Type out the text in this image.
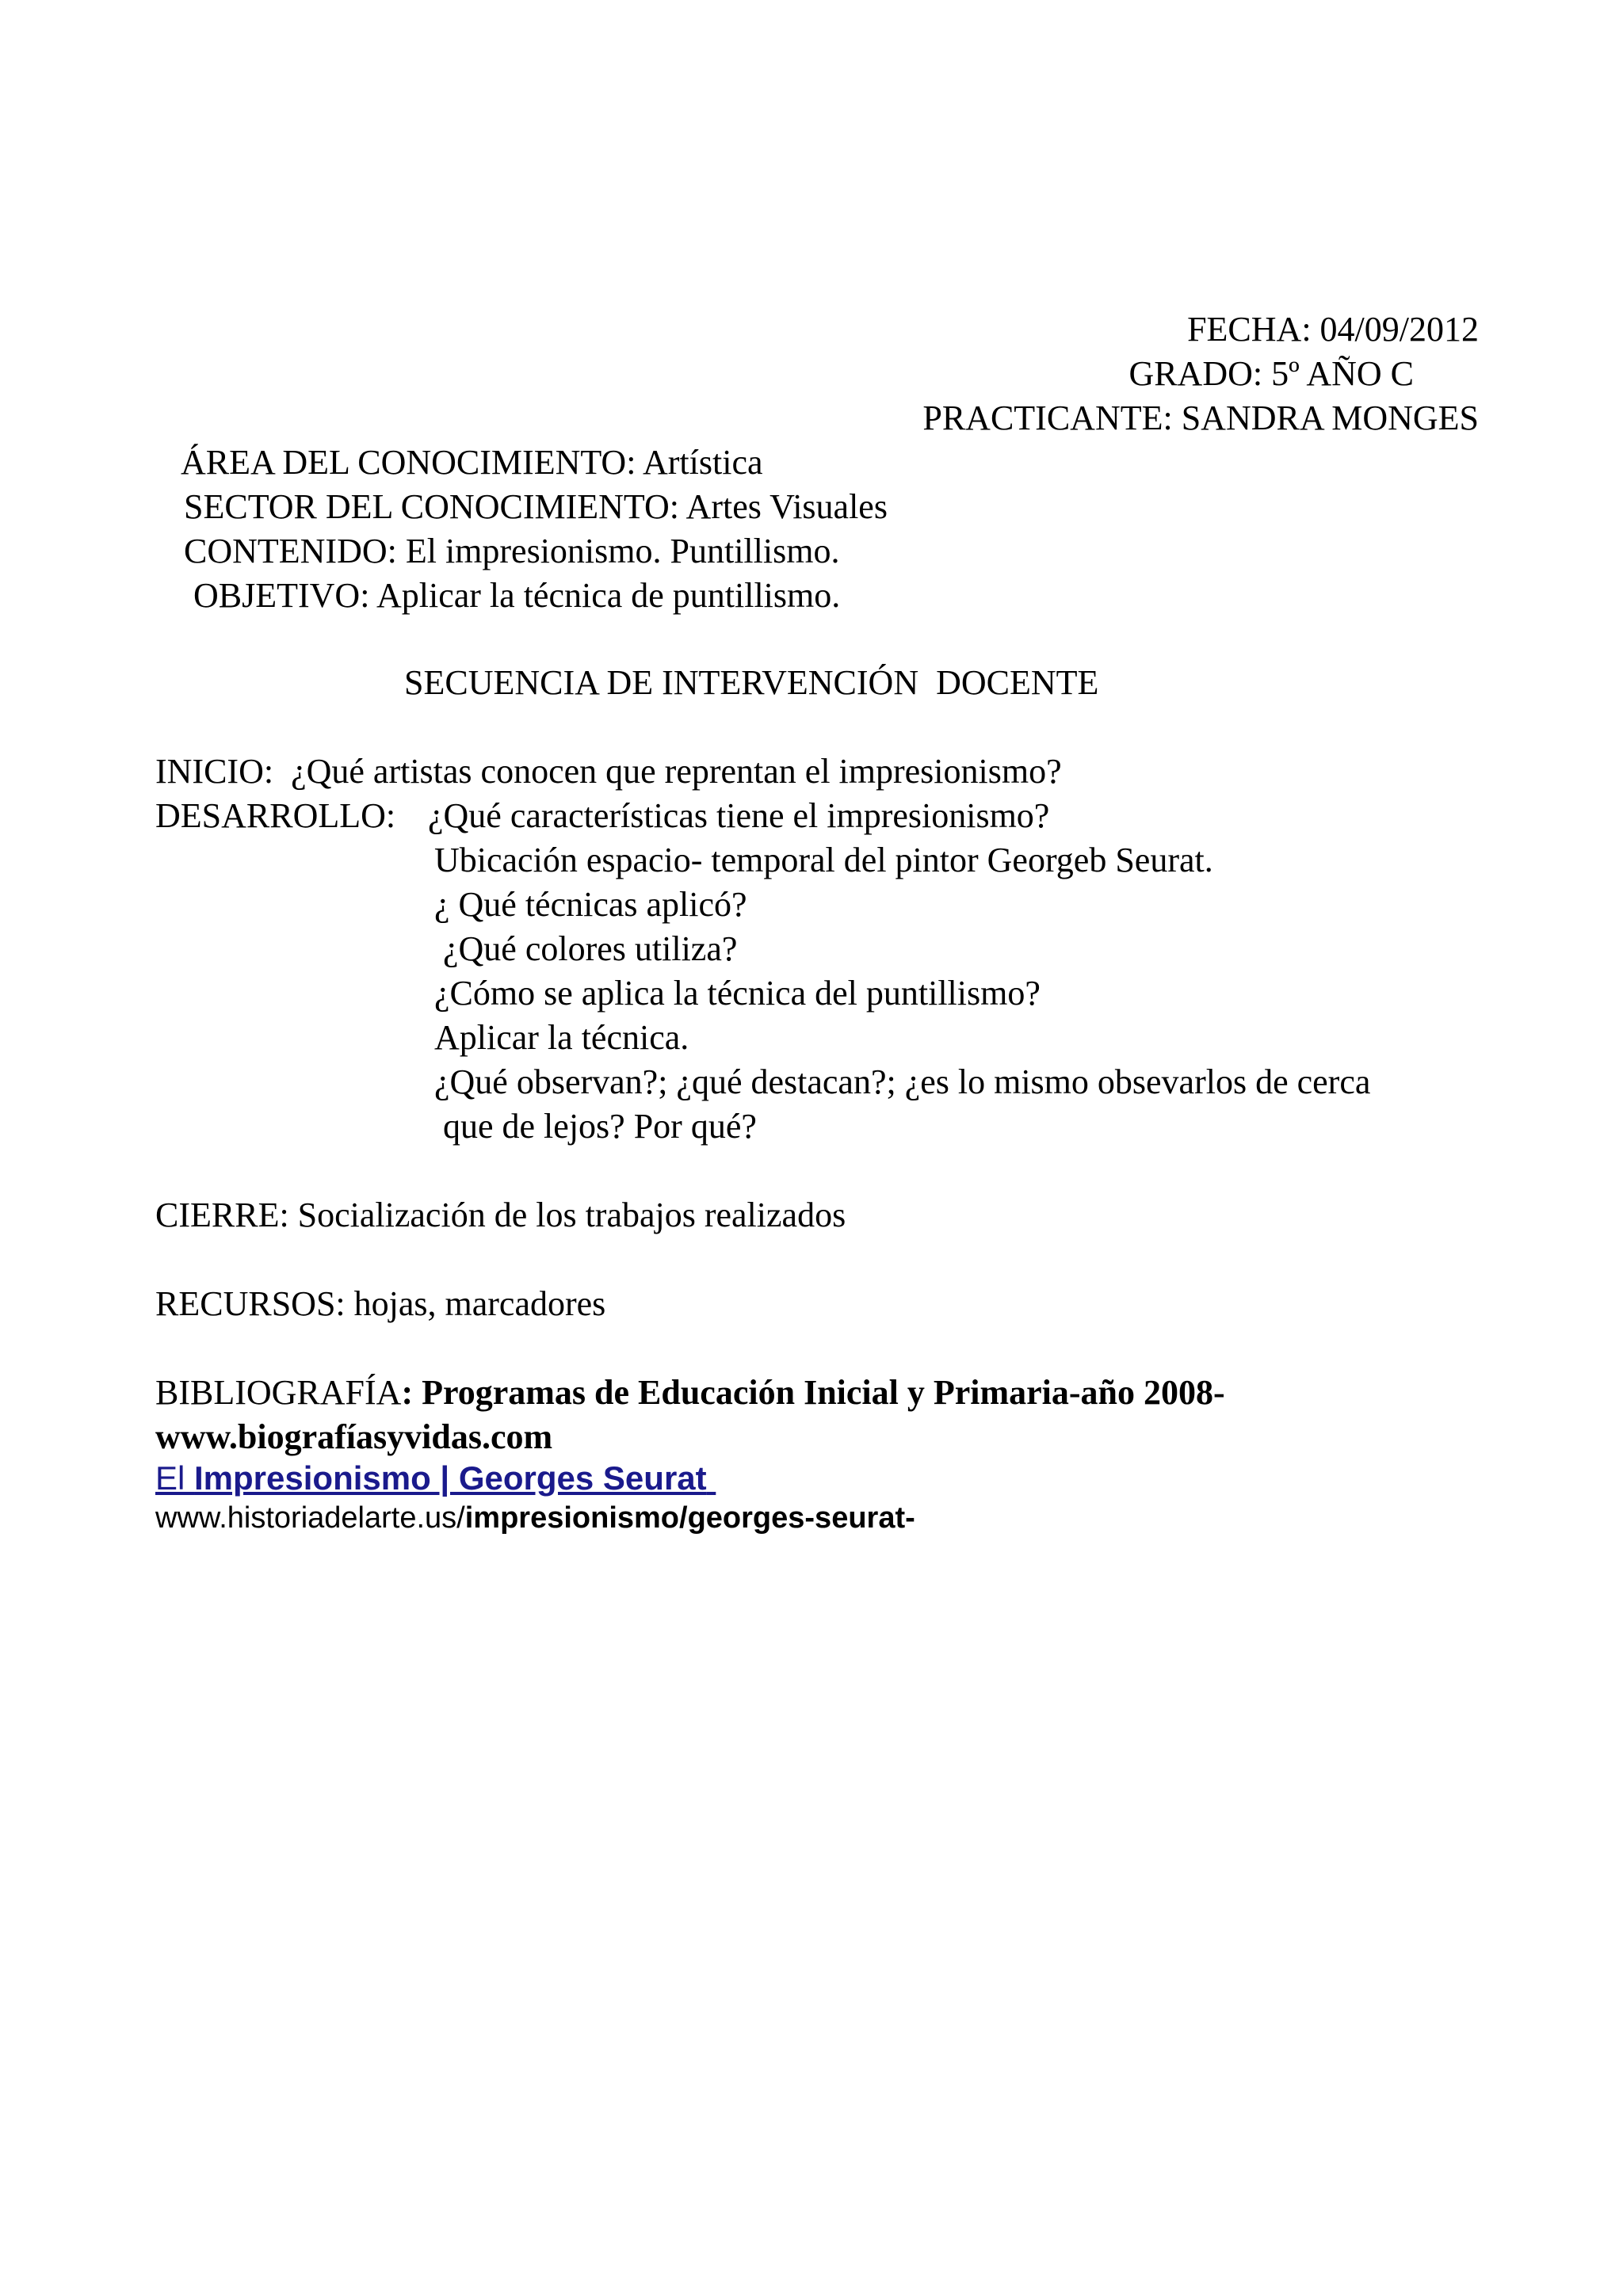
FECHA: 04/09/2012
GRADO: 5º AÑO C
PRACTICANTE: SANDRA MONGES
ÁREA DEL CONOCIMIENTO: Artística
SECTOR DEL CONOCIMIENTO: Artes Visuales
CONTENIDO: El impresionismo. Puntillismo.
OBJETIVO: Aplicar la técnica de puntillismo.
SECUENCIA DE INTERVENCIÓN  DOCENTE
INICIO: ¿Qué artistas conocen que reprentan el impresionismo?
DESARROLLO: ¿Qué características tiene el impresionismo?
Ubicación espacio- temporal del pintor Georgeb Seurat.
¿ Qué técnicas aplicó?
¿Qué colores utiliza?
¿Cómo se aplica la técnica del puntillismo?
Aplicar la técnica.
¿Qué observan?; ¿qué destacan?; ¿es lo mismo obsevarlos de cerca
que de lejos? Por qué?
CIERRE: Socialización de los trabajos realizados
RECURSOS: hojas, marcadores
BIBLIOGRAFÍA: Programas de Educación Inicial y Primaria-año 2008-
www.biografíasyvidas.com
El Impresionismo | Georges Seurat
www.historiadelarte.us/impresionismo/georges-seurat-
